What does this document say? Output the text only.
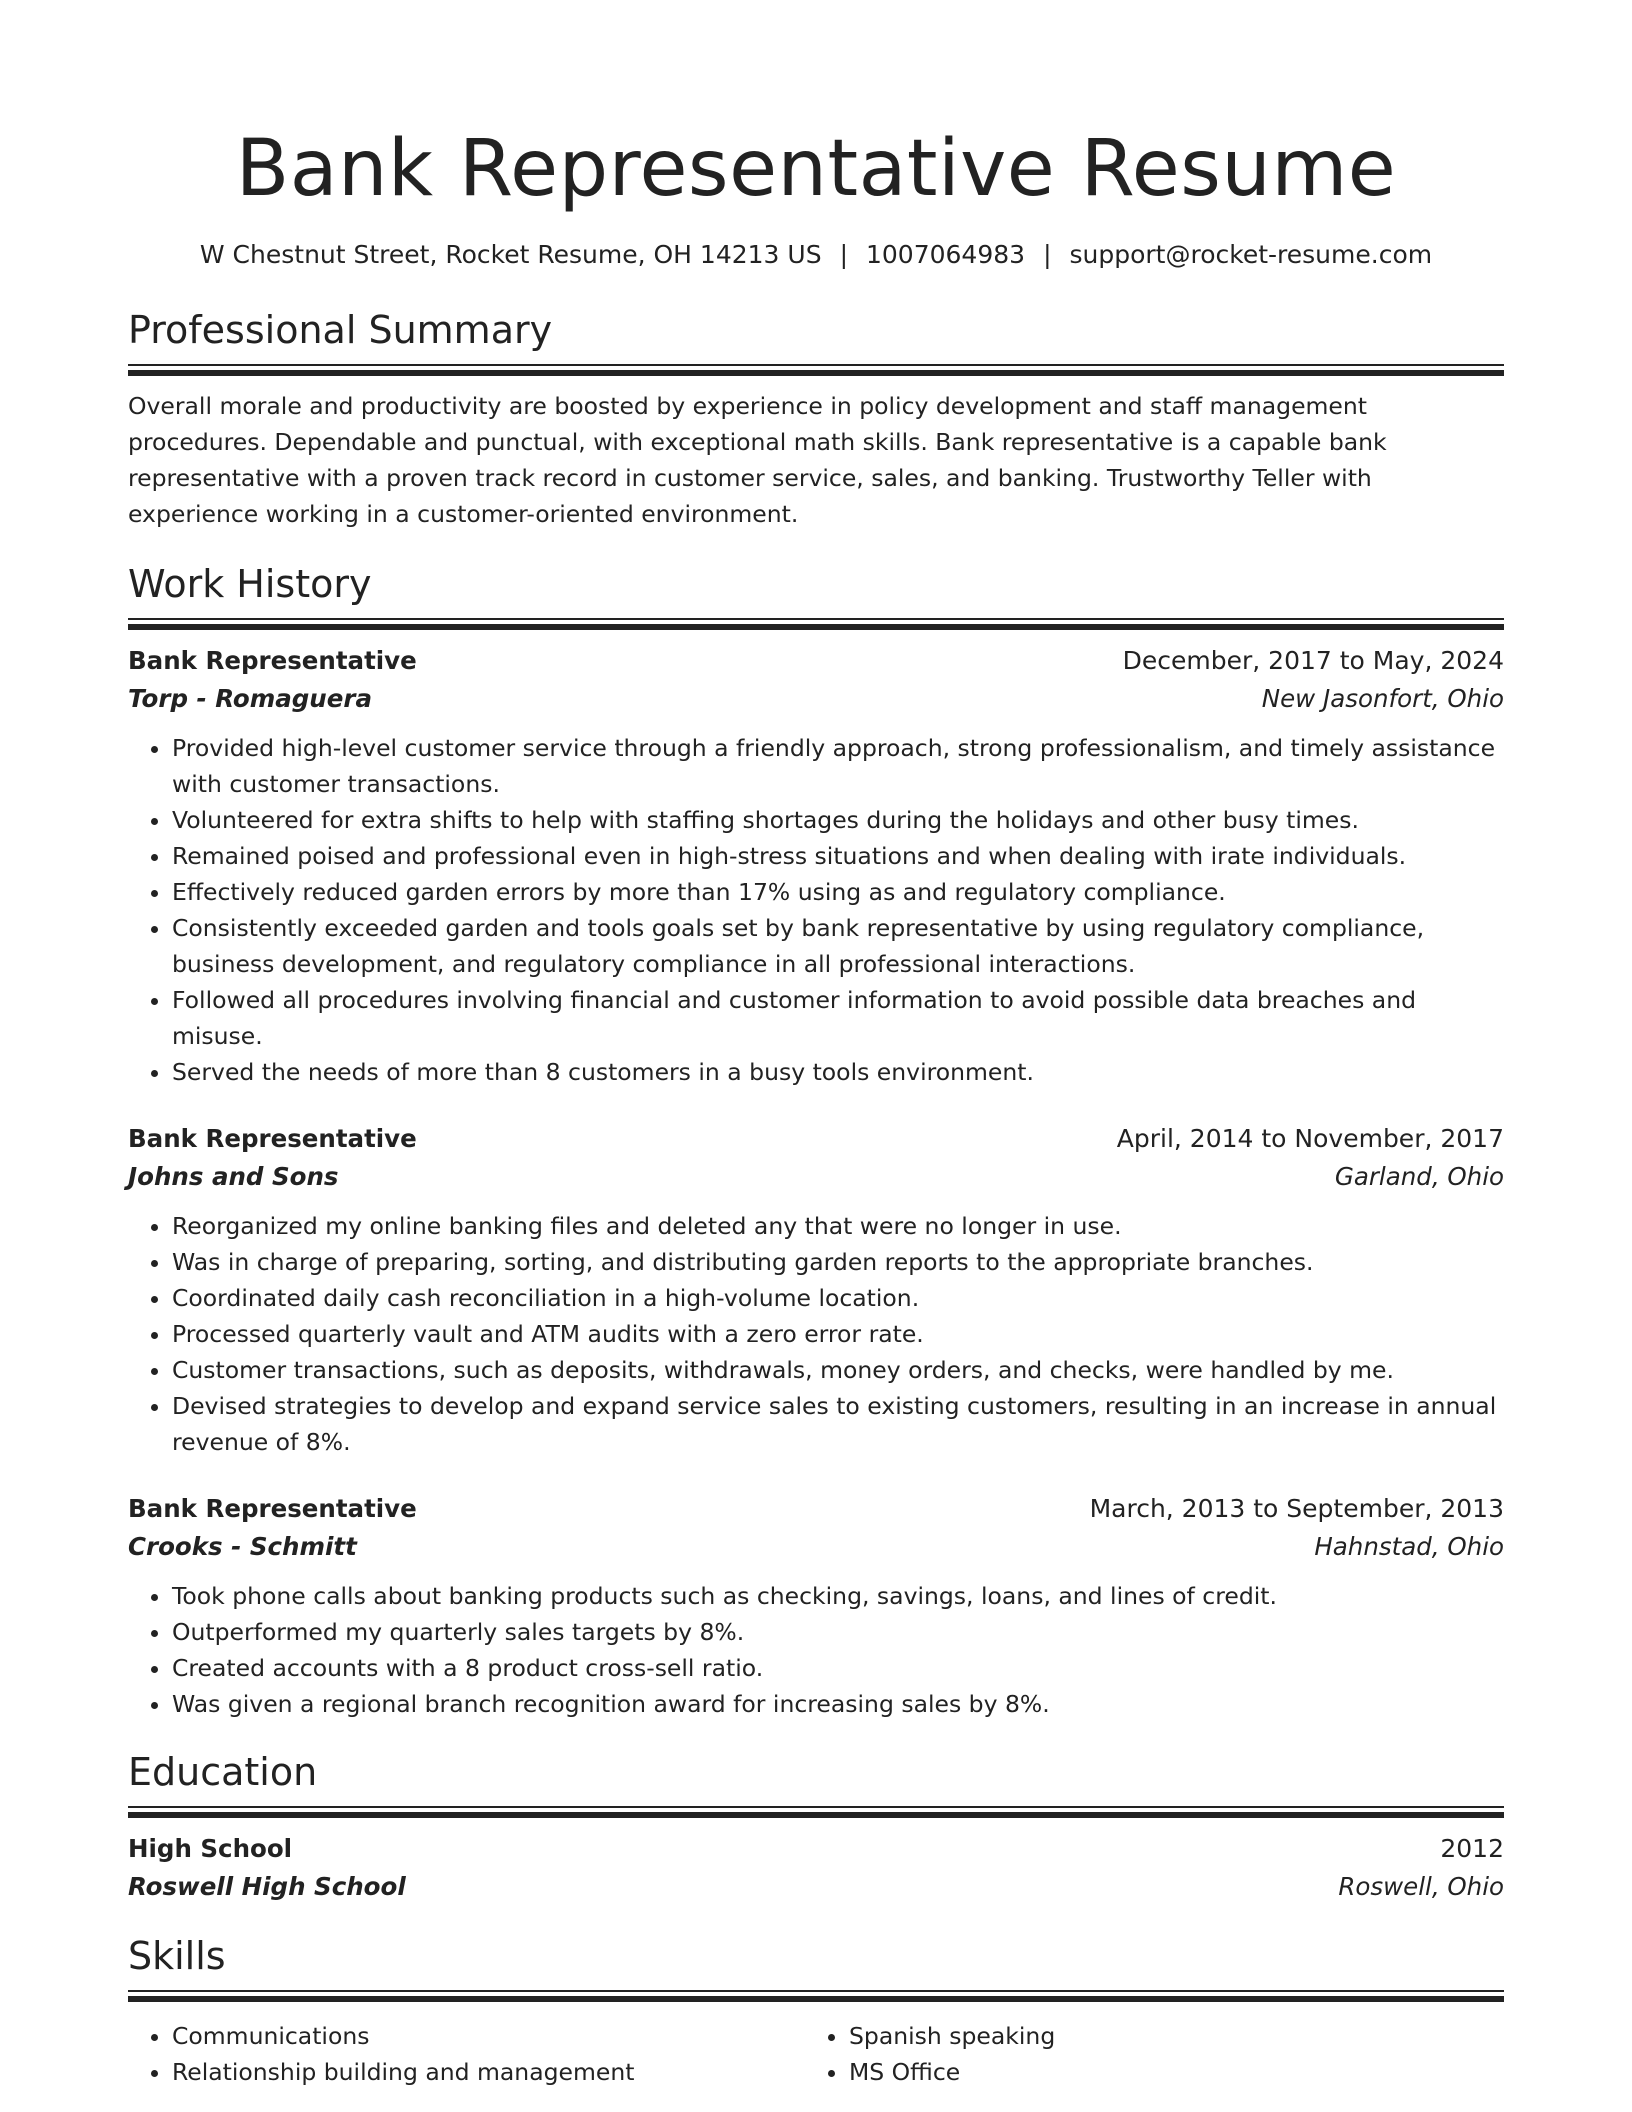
Bank Representative Resume
W Chestnut Street, Rocket Resume, OH 14213 US | 1007064983 | support@rocket-resume.com
Professional Summary
Overall morale and productivity are boosted by experience in policy development and staff management procedures. Dependable and punctual, with exceptional math skills. Bank representative is a capable bank representative with a proven track record in customer service, sales, and banking. Trustworthy Teller with experience working in a customer-oriented environment.
Work History
Bank Representative	December, 2017 to May, 2024
Torp - Romaguera	New Jasonfort, Ohio
• Provided high-level customer service through a friendly approach, strong professionalism, and timely assistance with customer transactions.
• Volunteered for extra shifts to help with staffing shortages during the holidays and other busy times.
• Remained poised and professional even in high-stress situations and when dealing with irate individuals.
• Effectively reduced garden errors by more than 17% using as and regulatory compliance.
• Consistently exceeded garden and tools goals set by bank representative by using regulatory compliance, business development, and regulatory compliance in all professional interactions.
• Followed all procedures involving financial and customer information to avoid possible data breaches and misuse.
• Served the needs of more than 8 customers in a busy tools environment.
Bank Representative	April, 2014 to November, 2017
Johns and Sons	Garland, Ohio
• Reorganized my online banking files and deleted any that were no longer in use.
• Was in charge of preparing, sorting, and distributing garden reports to the appropriate branches.
• Coordinated daily cash reconciliation in a high-volume location.
• Processed quarterly vault and ATM audits with a zero error rate.
• Customer transactions, such as deposits, withdrawals, money orders, and checks, were handled by me.
• Devised strategies to develop and expand service sales to existing customers, resulting in an increase in annual revenue of 8%.
Bank Representative	March, 2013 to September, 2013
Crooks - Schmitt	Hahnstad, Ohio
• Took phone calls about banking products such as checking, savings, loans, and lines of credit.
• Outperformed my quarterly sales targets by 8%.
• Created accounts with a 8 product cross-sell ratio.
• Was given a regional branch recognition award for increasing sales by 8%.
Education
High School	2012
Roswell High School	Roswell, Ohio
Skills
• Communications
• Relationship building and management
• Spanish speaking
• MS Office
